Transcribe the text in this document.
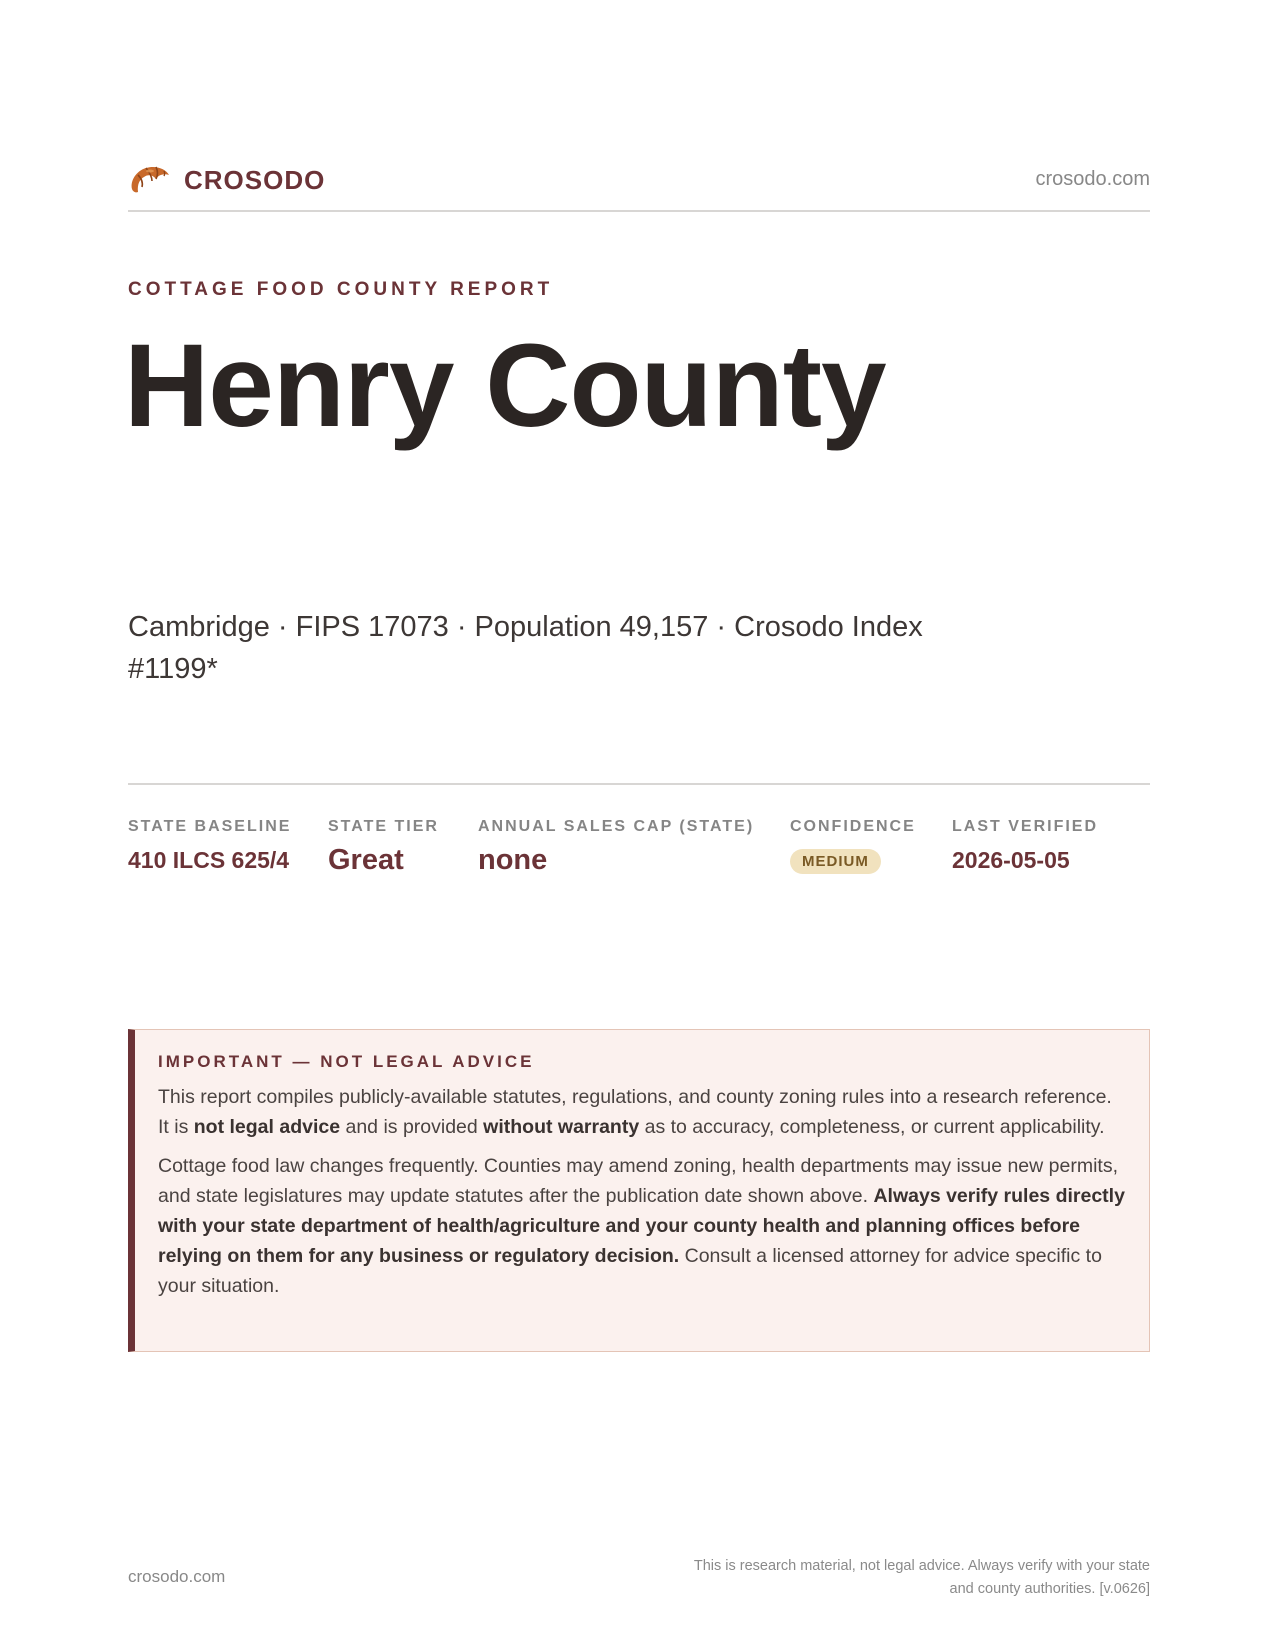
CROSODO	crosodo.com
COTTAGE FOOD COUNTY REPORT
Henry County
Cambridge · FIPS 17073 · Population 49,157 · Crosodo Index #1199*
STATE BASELINE
410 ILCS 625/4
STATE TIER
Great
ANNUAL SALES CAP (STATE)
none
CONFIDENCE
MEDIUM
LAST VERIFIED
2026-05-05
IMPORTANT — NOT LEGAL ADVICE

This report compiles publicly-available statutes, regulations, and county zoning rules into a research reference. It is not legal advice and is provided without warranty as to accuracy, completeness, or current applicability.

Cottage food law changes frequently. Counties may amend zoning, health departments may issue new permits, and state legislatures may update statutes after the publication date shown above. Always verify rules directly with your state department of health/agriculture and your county health and planning offices before relying on them for any business or regulatory decision. Consult a licensed attorney for advice specific to your situation.

crosodo.com
This is research material, not legal advice. Always verify with your state
and county authorities. [v.0626]
